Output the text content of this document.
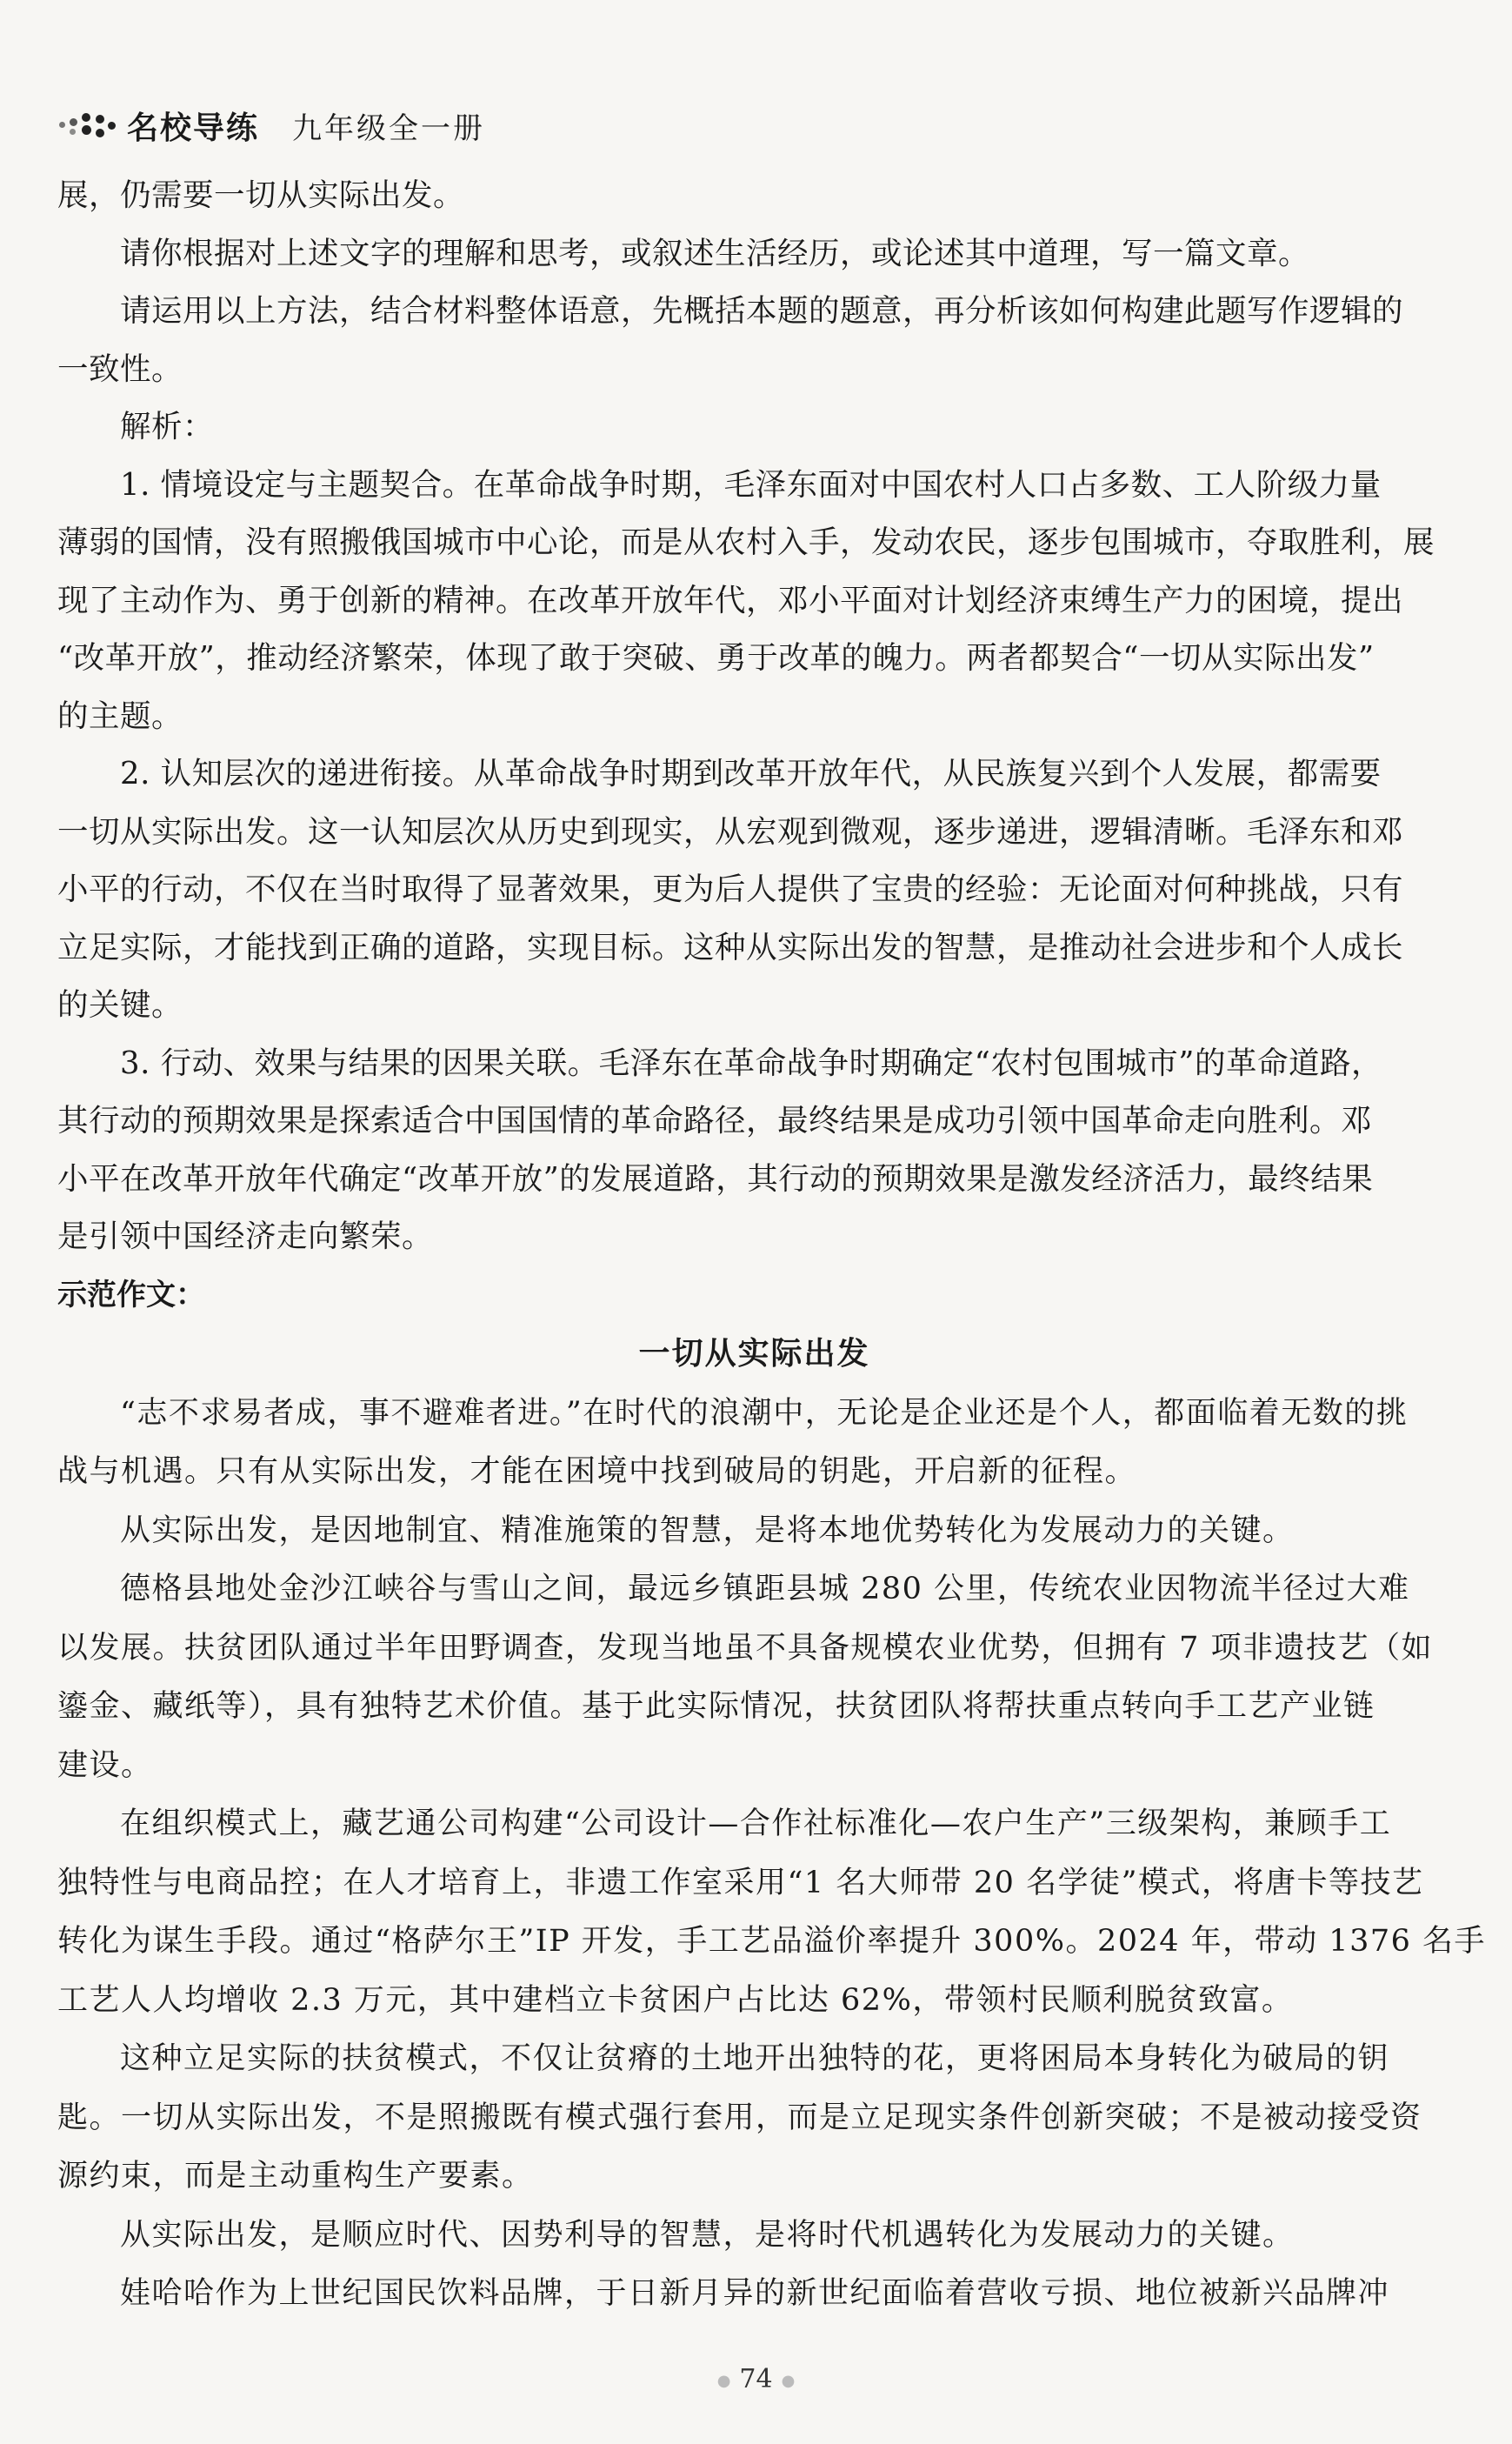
名校导练 九年级全一册

展，仍需要一切从实际出发。

请你根据对上述文字的理解和思考，或叙述生活经历，或论述其中道理，写一篇文章。

请运用以上方法，结合材料整体语意，先概括本题的题意，再分析该如何构建此题写作逻辑的
一致性。

解析：

1. 情境设定与主题契合。在革命战争时期，毛泽东面对中国农村人口占多数、工人阶级力量
薄弱的国情，没有照搬俄国城市中心论，而是从农村入手，发动农民，逐步包围城市，夺取胜利，展
现了主动作为、勇于创新的精神。在改革开放年代，邓小平面对计划经济束缚生产力的困境，提出
“改革开放”，推动经济繁荣，体现了敢于突破、勇于改革的魄力。两者都契合“一切从实际出发”
的主题。

2. 认知层次的递进衔接。从革命战争时期到改革开放年代，从民族复兴到个人发展，都需要
一切从实际出发。这一认知层次从历史到现实，从宏观到微观，逐步递进，逻辑清晰。毛泽东和邓
小平的行动，不仅在当时取得了显著效果，更为后人提供了宝贵的经验：无论面对何种挑战，只有
立足实际，才能找到正确的道路，实现目标。这种从实际出发的智慧，是推动社会进步和个人成长
的关键。

3. 行动、效果与结果的因果关联。毛泽东在革命战争时期确定“农村包围城市”的革命道路，
其行动的预期效果是探索适合中国国情的革命路径，最终结果是成功引领中国革命走向胜利。邓
小平在改革开放年代确定“改革开放”的发展道路，其行动的预期效果是激发经济活力，最终结果
是引领中国经济走向繁荣。

示范作文：
一切从实际出发

“志不求易者成，事不避难者进。”在时代的浪潮中，无论是企业还是个人，都面临着无数的挑
战与机遇。只有从实际出发，才能在困境中找到破局的钥匙，开启新的征程。

从实际出发，是因地制宜、精准施策的智慧，是将本地优势转化为发展动力的关键。

德格县地处金沙江峡谷与雪山之间，最远乡镇距县城 280 公里，传统农业因物流半径过大难
以发展。扶贫团队通过半年田野调查，发现当地虽不具备规模农业优势，但拥有 7 项非遗技艺（如
鎏金、藏纸等），具有独特艺术价值。基于此实际情况，扶贫团队将帮扶重点转向手工艺产业链
建设。

在组织模式上，藏艺通公司构建“公司设计—合作社标准化—农户生产”三级架构，兼顾手工
独特性与电商品控；在人才培育上，非遗工作室采用“1 名大师带 20 名学徒”模式，将唐卡等技艺
转化为谋生手段。通过“格萨尔王”IP 开发，手工艺品溢价率提升 300%。2024 年，带动 1376 名手
工艺人人均增收 2.3 万元，其中建档立卡贫困户占比达 62%，带领村民顺利脱贫致富。

这种立足实际的扶贫模式，不仅让贫瘠的土地开出独特的花，更将困局本身转化为破局的钥
匙。一切从实际出发，不是照搬既有模式强行套用，而是立足现实条件创新突破；不是被动接受资
源约束，而是主动重构生产要素。

从实际出发，是顺应时代、因势利导的智慧，是将时代机遇转化为发展动力的关键。

娃哈哈作为上世纪国民饮料品牌，于日新月异的新世纪面临着营收亏损、地位被新兴品牌冲

● 74 ●
